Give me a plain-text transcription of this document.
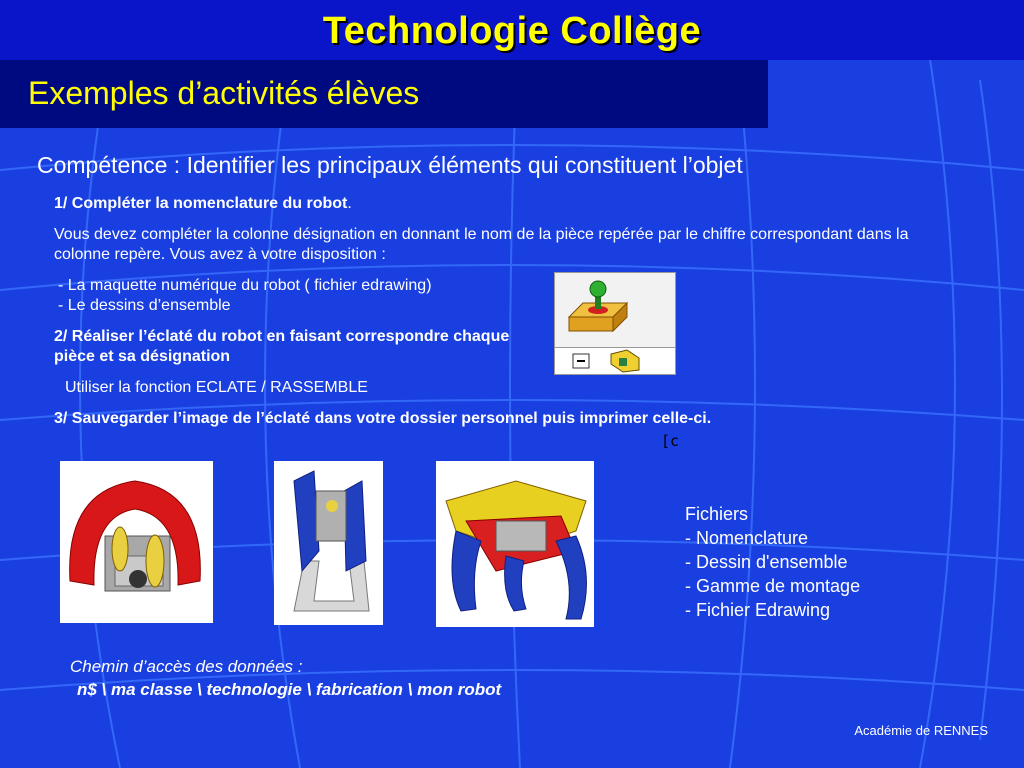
Technologie Collège
Exemples d’activités élèves
Compétence : Identifier les principaux éléments qui constituent l’objet
1/ Compléter la nomenclature du robot.
Vous devez compléter la colonne désignation en donnant le nom de la pièce repérée par le chiffre correspondant dans la colonne repère. Vous avez à votre disposition :
- La maquette numérique du robot ( fichier edrawing)
- Le dessins d’ensemble
2/ Réaliser l’éclaté du robot en faisant correspondre chaque pièce et sa désignation
Utiliser la fonction ECLATE / RASSEMBLE
3/ Sauvegarder l’image de l’éclaté dans votre dossier personnel puis imprimer celle-ci.
[c
Fichiers
- Nomenclature
- Dessin d'ensemble
- Gamme de montage
- Fichier Edrawing
Chemin d’accès des données :
n$ \ ma classe \ technologie \ fabrication \ mon robot
Académie de RENNES
